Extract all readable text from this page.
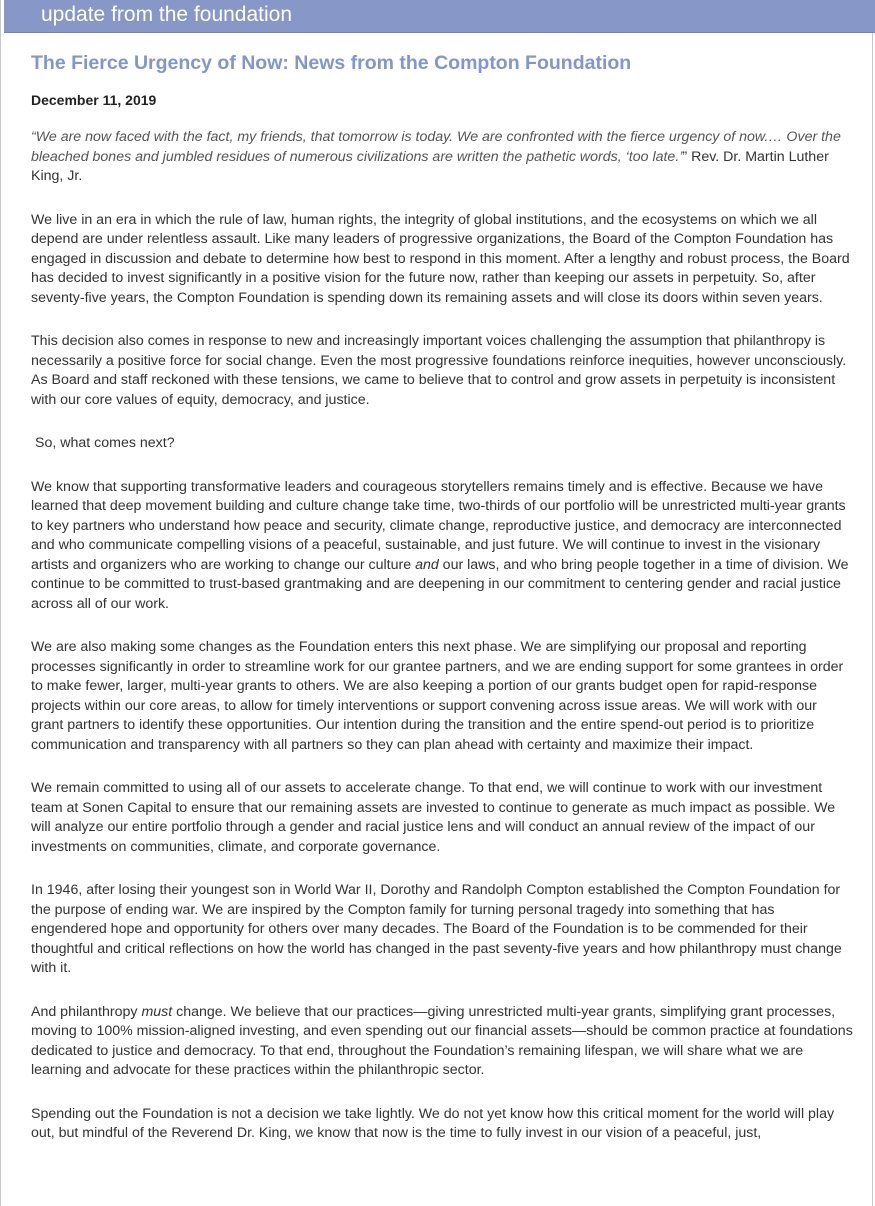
update from the foundation
The Fierce Urgency of Now: News from the Compton Foundation
December 11, 2019

“We are now faced with the fact, my friends, that tomorrow is today. We are confronted with the fierce urgency of now.… Over the bleached bones and jumbled residues of numerous civilizations are written the pathetic words, ‘too late.’” Rev. Dr. Martin Luther King, Jr.

We live in an era in which the rule of law, human rights, the integrity of global institutions, and the ecosystems on which we all depend are under relentless assault. Like many leaders of progressive organizations, the Board of the Compton Foundation has engaged in discussion and debate to determine how best to respond in this moment. After a lengthy and robust process, the Board has decided to invest significantly in a positive vision for the future now, rather than keeping our assets in perpetuity. So, after seventy-five years, the Compton Foundation is spending down its remaining assets and will close its doors within seven years.

This decision also comes in response to new and increasingly important voices challenging the assumption that philanthropy is necessarily a positive force for social change. Even the most progressive foundations reinforce inequities, however unconsciously. As Board and staff reckoned with these tensions, we came to believe that to control and grow assets in perpetuity is inconsistent with our core values of equity, democracy, and justice.

So, what comes next?

We know that supporting transformative leaders and courageous storytellers remains timely and is effective. Because we have learned that deep movement building and culture change take time, two-thirds of our portfolio will be unrestricted multi-year grants to key partners who understand how peace and security, climate change, reproductive justice, and democracy are interconnected and who communicate compelling visions of a peaceful, sustainable, and just future. We will continue to invest in the visionary artists and organizers who are working to change our culture and our laws, and who bring people together in a time of division. We continue to be committed to trust-based grantmaking and are deepening in our commitment to centering gender and racial justice across all of our work.

We are also making some changes as the Foundation enters this next phase. We are simplifying our proposal and reporting processes significantly in order to streamline work for our grantee partners, and we are ending support for some grantees in order to make fewer, larger, multi-year grants to others. We are also keeping a portion of our grants budget open for rapid-response projects within our core areas, to allow for timely interventions or support convening across issue areas. We will work with our grant partners to identify these opportunities. Our intention during the transition and the entire spend-out period is to prioritize communication and transparency with all partners so they can plan ahead with certainty and maximize their impact.

We remain committed to using all of our assets to accelerate change. To that end, we will continue to work with our investment team at Sonen Capital to ensure that our remaining assets are invested to continue to generate as much impact as possible. We will analyze our entire portfolio through a gender and racial justice lens and will conduct an annual review of the impact of our investments on communities, climate, and corporate governance.

In 1946, after losing their youngest son in World War II, Dorothy and Randolph Compton established the Compton Foundation for the purpose of ending war. We are inspired by the Compton family for turning personal tragedy into something that has engendered hope and opportunity for others over many decades. The Board of the Foundation is to be commended for their thoughtful and critical reflections on how the world has changed in the past seventy-five years and how philanthropy must change with it.

And philanthropy must change. We believe that our practices—giving unrestricted multi-year grants, simplifying grant processes, moving to 100% mission-aligned investing, and even spending out our financial assets—should be common practice at foundations dedicated to justice and democracy. To that end, throughout the Foundation’s remaining lifespan, we will share what we are learning and advocate for these practices within the philanthropic sector.

Spending out the Foundation is not a decision we take lightly. We do not yet know how this critical moment for the world will play out, but mindful of the Reverend Dr. King, we know that now is the time to fully invest in our vision of a peaceful, just,
